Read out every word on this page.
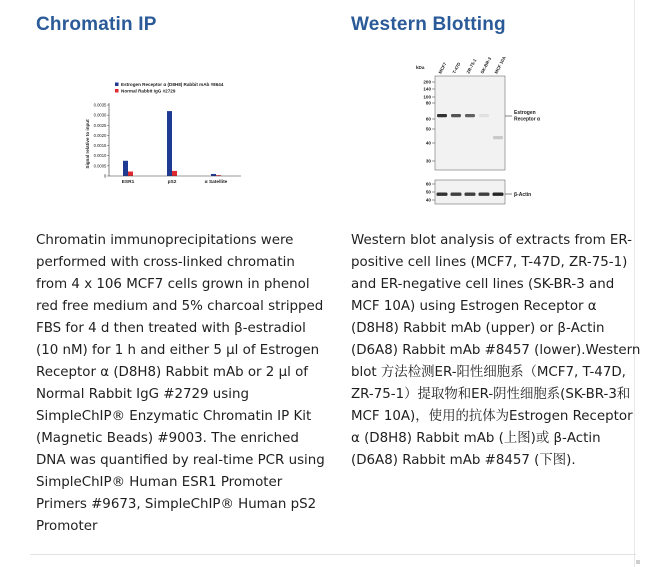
Chromatin IP
Estrogen Receptor α (D8H8) Rabbit mAb #8644
Normal Rabbit IgG #2729
Signal relative to input
0
0.0005
0.0010
0.0015
0.0020
0.0025
0.0030
0.0035
ESR1	pS2	α Satellite
Chromatin immunoprecipitations were performed with cross-linked chromatin from 4 x 106 MCF7 cells grown in phenol red free medium and 5% charcoal stripped FBS for 4 d then treated with β-estradiol (10 nM) for 1 h and either 5 µl of Estrogen Receptor α (D8H8) Rabbit mAb or 2 µl of Normal Rabbit IgG #2729 using SimpleChIP® Enzymatic Chromatin IP Kit (Magnetic Beads) #9003. The enriched DNA was quantified by real-time PCR using SimpleChIP® Human ESR1 Promoter Primers #9673, SimpleChIP® Human pS2 Promoter
Western Blotting
kDa	MCF7 T-47D ZR-75-1 SK-BR-3 MCF 10A
200
140
100
80
60
50
40
30
60
50
40
Estrogen
Receptor α
β-Actin
Western blot analysis of extracts from ER-positive cell lines (MCF7, T-47D, ZR-75-1) and ER-negative cell lines (SK-BR-3 and MCF 10A) using Estrogen Receptor α (D8H8) Rabbit mAb (upper) or β-Actin (D6A8) Rabbit mAb #8457 (lower).Western blot 方法检测ER-阳性细胞系（MCF7, T-47D, ZR-75-1）提取物和ER-阴性细胞系(SK-BR-3和MCF 10A)，使用的抗体为Estrogen Receptor α (D8H8) Rabbit mAb (上图)或 β-Actin (D6A8) Rabbit mAb #8457 (下图).
